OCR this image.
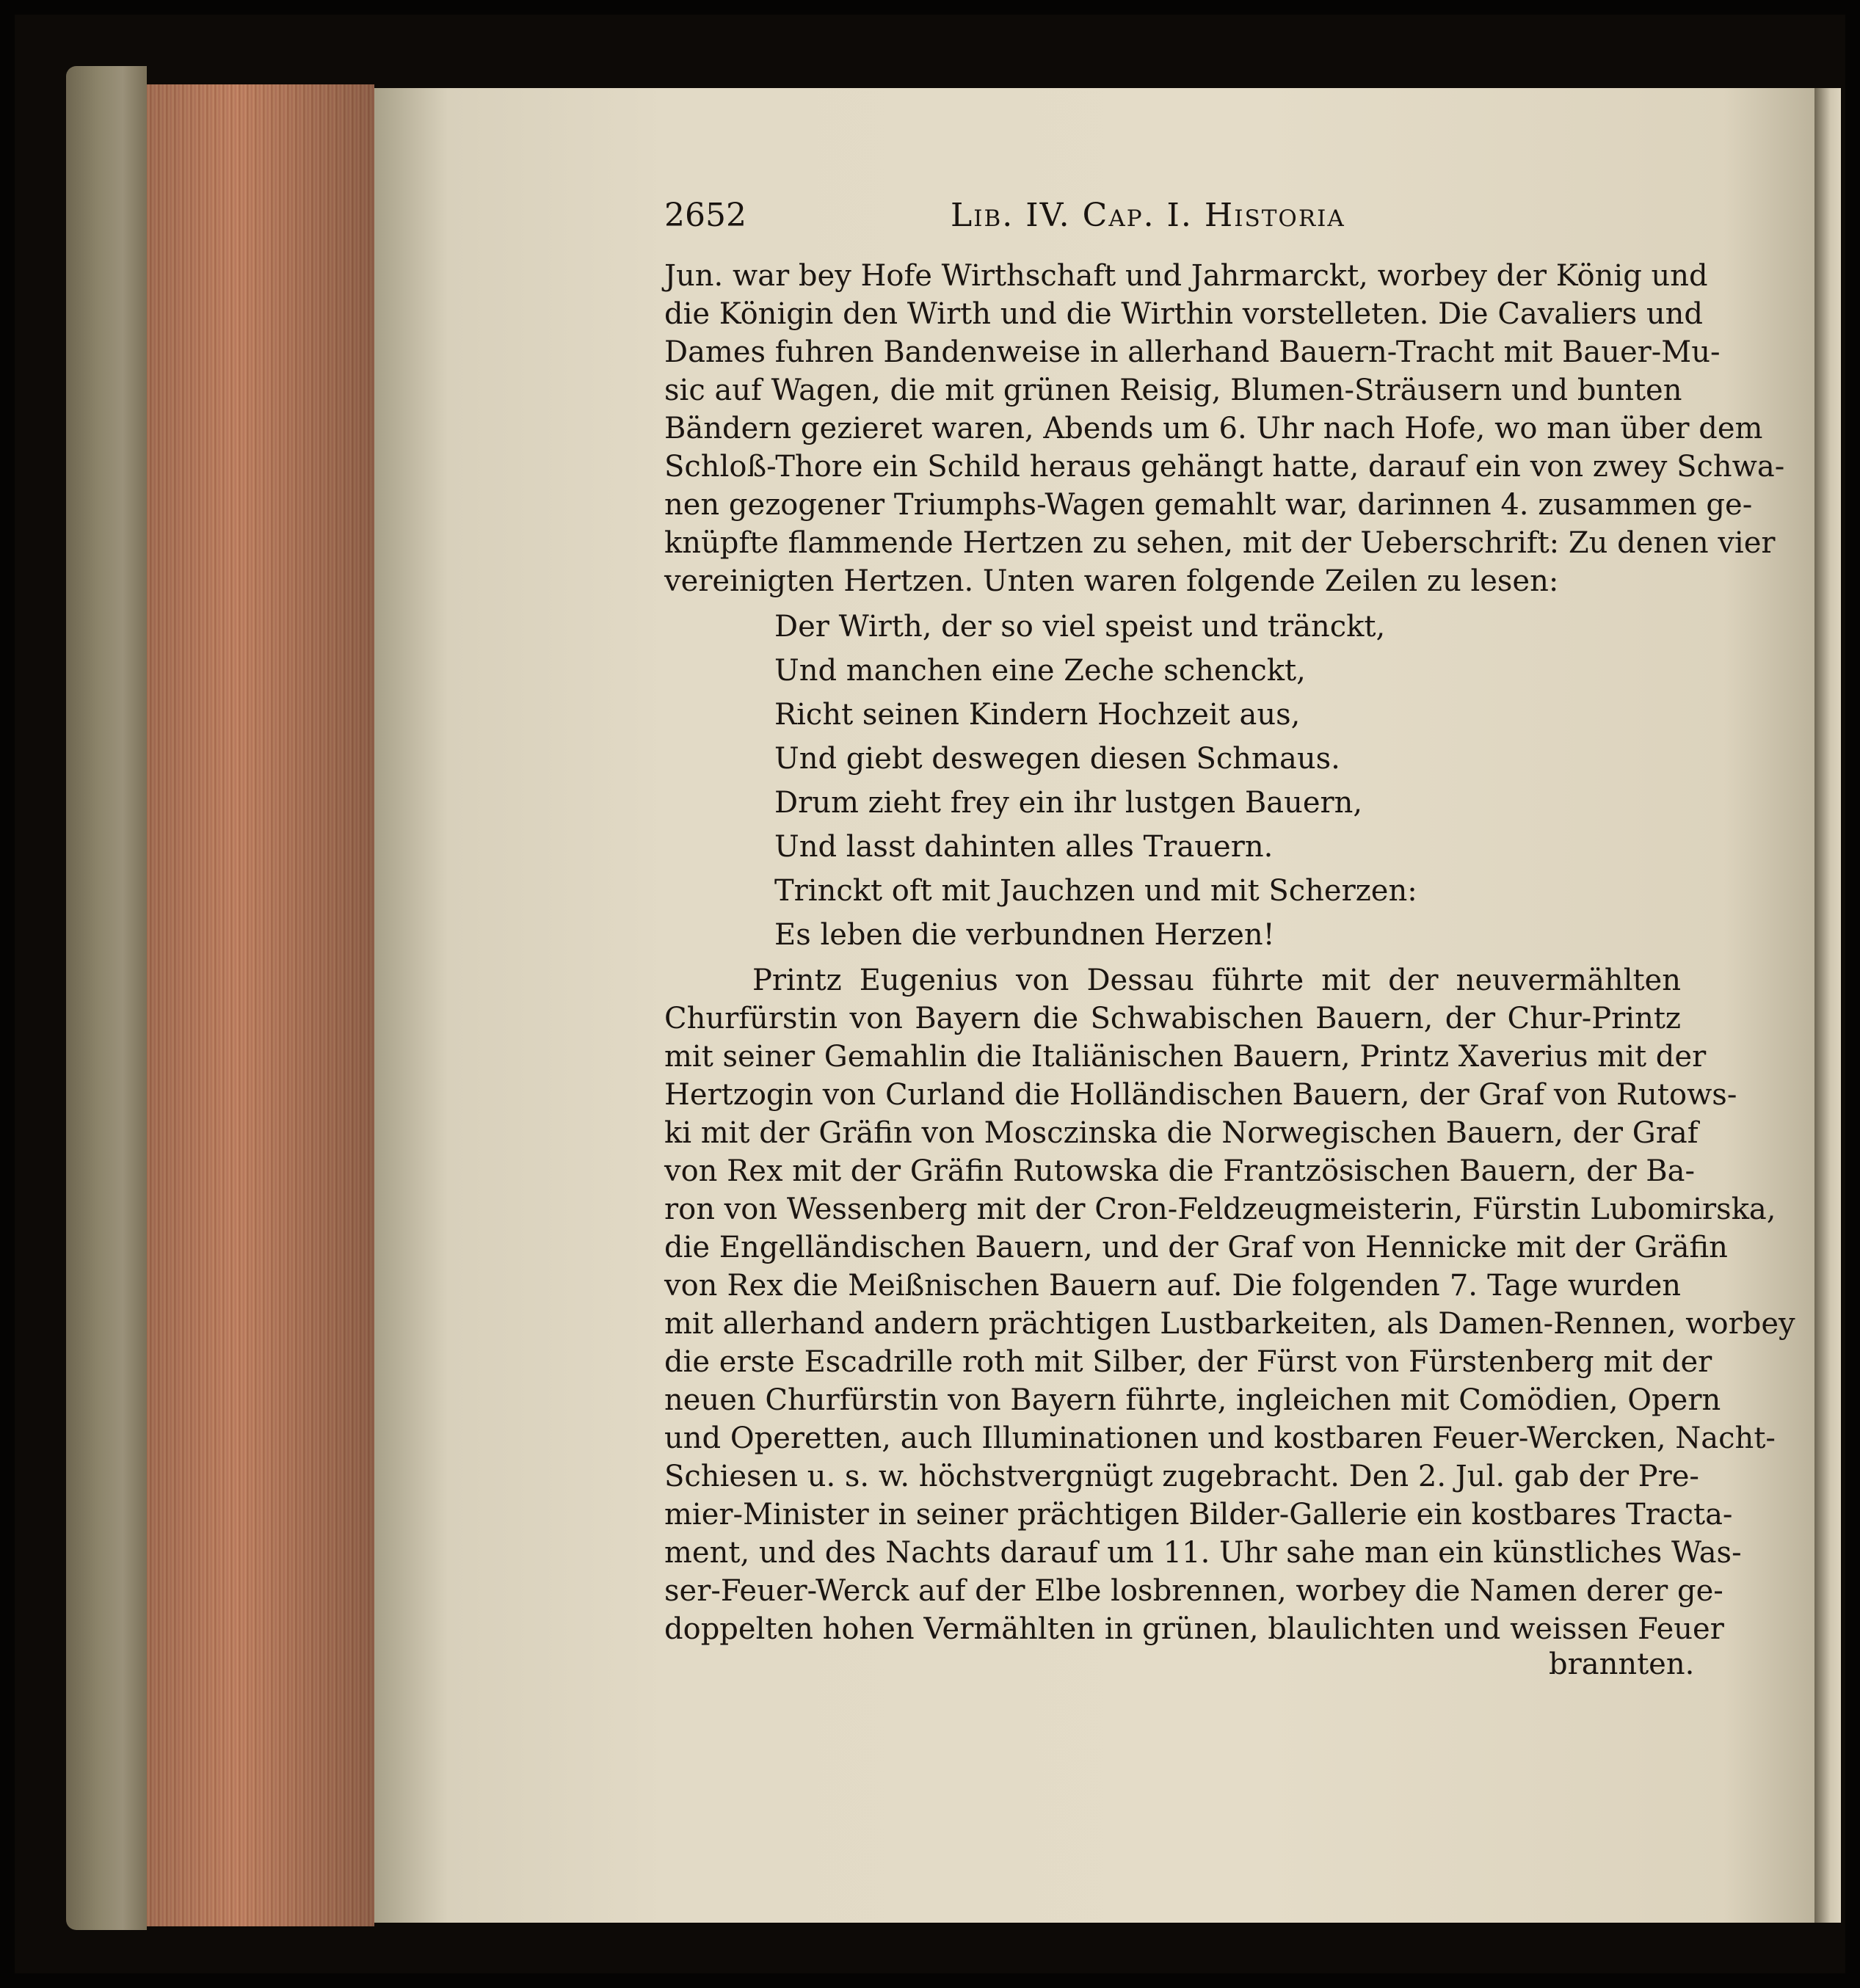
2652	Lib. IV. Cap. I. Historia
Jun. war bey Hofe Wirthschaft und Jahrmarckt, worbey der König und
die Königin den Wirth und die Wirthin vorstelleten. Die Cavaliers und
Dames fuhren Bandenweise in allerhand Bauern-Tracht mit Bauer-Mu-
sic auf Wagen, die mit grünen Reisig, Blumen-Sträusern und bunten
Bändern gezieret waren, Abends um 6. Uhr nach Hofe, wo man über dem
Schloß-Thore ein Schild heraus gehängt hatte, darauf ein von zwey Schwa-
nen gezogener Triumphs-Wagen gemahlt war, darinnen 4. zusammen ge-
knüpfte flammende Hertzen zu sehen, mit der Ueberschrift: Zu denen vier
vereinigten Hertzen. Unten waren folgende Zeilen zu lesen:
Der Wirth, der so viel speist und tränckt,
Und manchen eine Zeche schenckt,
Richt seinen Kindern Hochzeit aus,
Und giebt deswegen diesen Schmaus.
Drum zieht frey ein ihr lustgen Bauern,
Und lasst dahinten alles Trauern.
Trinckt oft mit Jauchzen und mit Scherzen:
Es leben die verbundnen Herzen!
Printz Eugenius von Dessau führte mit der neuvermählten
Churfürstin von Bayern die Schwabischen Bauern, der Chur-Printz
mit seiner Gemahlin die Italiänischen Bauern, Printz Xaverius mit der
Hertzogin von Curland die Holländischen Bauern, der Graf von Rutows-
ki mit der Gräfin von Mosczinska die Norwegischen Bauern, der Graf
von Rex mit der Gräfin Rutowska die Frantzösischen Bauern, der Ba-
ron von Wessenberg mit der Cron-Feldzeugmeisterin, Fürstin Lubomirska,
die Engelländischen Bauern, und der Graf von Hennicke mit der Gräfin
von Rex die Meißnischen Bauern auf. Die folgenden 7. Tage wurden
mit allerhand andern prächtigen Lustbarkeiten, als Damen-Rennen, worbey
die erste Escadrille roth mit Silber, der Fürst von Fürstenberg mit der
neuen Churfürstin von Bayern führte, ingleichen mit Comödien, Opern
und Operetten, auch Illuminationen und kostbaren Feuer-Wercken, Nacht-
Schiesen u. s. w. höchstvergnügt zugebracht. Den 2. Jul. gab der Pre-
mier-Minister in seiner prächtigen Bilder-Gallerie ein kostbares Tracta-
ment, und des Nachts darauf um 11. Uhr sahe man ein künstliches Was-
ser-Feuer-Werck auf der Elbe losbrennen, worbey die Namen derer ge-
doppelten hohen Vermählten in grünen, blaulichten und weissen Feuer
brannten.
